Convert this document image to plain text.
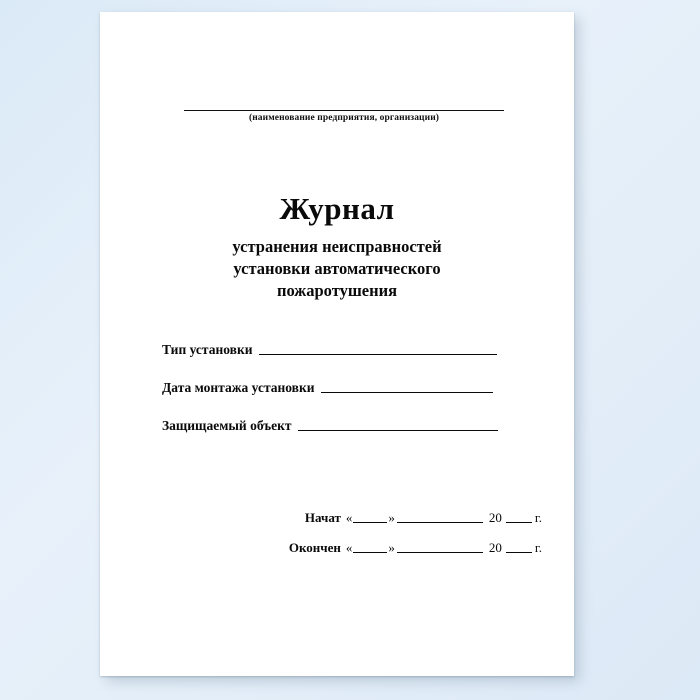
(наименование предприятия, организации)
Журнал
устранения неисправностей
установки автоматического
пожаротушения
Тип установки
Дата монтажа установки
Защищаемый объект
Начат «	»	20	г.
Окончен «	»	20	г.
